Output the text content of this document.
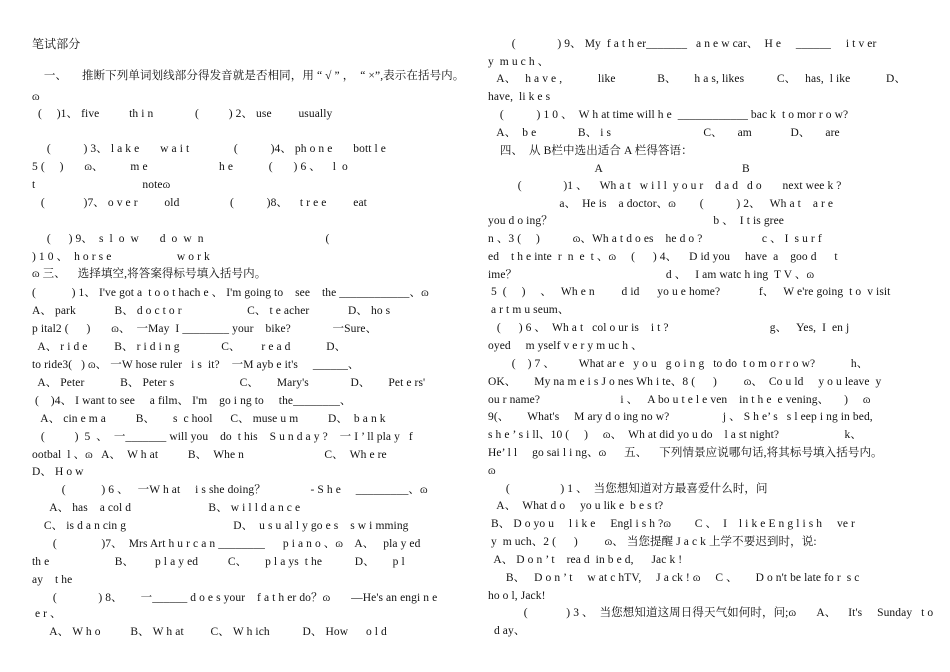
笔试部分
一、     推断下列单词划线部分得发音就是否相同，用 “ √ ” ，  “ ×”,表示在括号内。
ɷ
(     )1、 five          th i n              (          ) 2、 use         usually
(           ) 3、 l a k e       w a i t               (           )4、 ph o n e       bott l e
5 (     )       ɷ、         m e                        h e            (       ) 6 、    l  o
t                                    noteɷ
(             )7、 o v e r         old                 (           )8、    t r e e         eat
(      ) 9、  s  l  o  w       d  o  w  n                                         (
) 1 0 、  h o r s e                      w o r k
ɷ 三、    选择填空,将答案得标号填入括号内。
(            ) 1、 I've got a  t o o t hach e 、 I'm going to    see    the ____________、ɷ
A、 park             B、 d o c t o r                      C、 t e acher             D、 ho s
p ital2 (      )       ɷ、  一May  I ________ your    bike?              一Sure、
A、 r i d e         B、 r i d i n g              C、       r e a d            D、
to ride3(   ) ɷ、 一W hose ruler   i s  it?    一M ayb e it's     ______、
A、 Peter            B、 Peter s                      C、      Mary's              D、      Pet e rs'
(    )4、 I want to see     a film、 I'm    go i ng to     the________、
A、 cin e m a          B、      s  c hool      C、 muse u m          D、  b a n k
(          )  5  、  一_______ will you    do  t his    S u n d a y ?    一 I ’ ll pla y   f
ootbal  l 、ɷ   A、  W h at          B、  Whe n                           C、  Wh e re
D、 H o w
(            ) 6 、   一W h at     i s she doing？               - S h e     _________、ɷ
A、 has    a col d                          B、 w i l l d a n c e
C、 is d a n cin g                                    D、  u s u al l y go e s    s w i mming
(               )7、  Mrs Art h u r c a n ________      p i a n o 、ɷ    A、   pla y ed
th e                      B、       p l a y ed          C、      p l a ys  t he           D、      p l
ay    t he
(              ) 8、      一______ d o e s your    f a t h er do？ɷ       —He's an engi n e
e r 、
A、 W h o          B、 W h at         C、 W h ich           D、 How      o l d
(              ) 9、 My  f a t h er_______   a n e w car、  H e     ______     i t v er
y  m u c h 、
A、   h a v e ,            like              B、      h a s, likes           C、   has,  l ike            D、
have,  li k e s
(           ) 1 0 、  W h at time will h e  ____________ bac k  t o mor r o w?
A、  b e              B、 i s                               C、     am             D、     are
四、  从 B栏中选出适合 A 栏得答语：
A                                               B
(              )1 、    Wh a t   w i l l  y o u r    d a d   d o       next wee k ?
a、  He is    a doctor、ɷ        (           ) 2、   Wh a t    a r e
you d o ing？                                                      b 、  I t is gree
n 、3 (     )           ɷ、Wh a t d o es    he d o ?                    c 、 I  s u r f
ed    t h e inte  r  n  e  t 、ɷ     (      ) 4、    D id you     have  a    goo d      t
ime？                                                  d 、   I am watc h ing  T V 、ɷ
5  (     )     、   Wh e n         d id      yo u e home?             f、   W e're going  t o  v isit
a r t m u seum、
(      ) 6 、  Wh a t   col o ur is    i t ?                                  g、   Yes,  I  en j
oyed     m yself v e r y m uc h 、
(    ) 7 、        What ar e   y o u   g o i n g   to do  t o m o r r o w?            h、
OK、      My na m e i s J o nes Wh i te、8 (      )         ɷ、  Co u ld     y o u leave  y
ou r name?                           i 、   A bo u t e l e ven    in t h e  e vening、     )     ɷ
9(、      What's     M ary d o ing no w?                  j 、 S h e’ s   s l eep i ng in bed,
s h e ’ s i ll、10 (     )     ɷ、  Wh at did yo u do    l a st night?                      k、
He’ l l     go sai l i ng、ɷ      五、    下列情景应说哪句话,将其标号填入括号内。
ɷ
(                 ) 1 、  当您想知道对方最喜爱什么时，问
A、  What d o     yo u lik e  b e s t?
B、 D o yo u     l i k e     Engl i s h ?ɷ        C 、  I    l i k e E n g l i s h     ve r
y  m uch、2 (      )         ɷ、 当您提醒 J a c k 上学不要迟到时，说:
A、 D o n ’ t    rea d  in b e d,      Jac k !
B、   D o n ’ t     w at c hTV,     J a ck ! ɷ     C 、      D o n't be late fo r  s c
ho o l, Jack!
(             ) 3 、  当您想知道这周日得天气如何时，问;ɷ       A、    It's     Sunday   t o
d ay、
